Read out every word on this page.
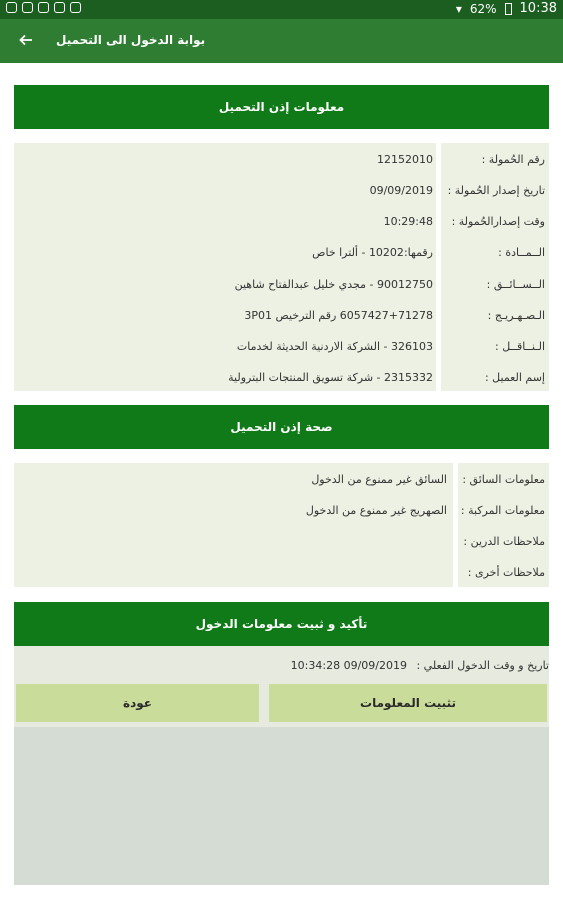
▾ 62% 10:38
بوابة الدخول الى التحميل
معلومات إذن التحميل
رقم الحُمولة :
12152010
تاريخ إصدار الحُمولة :
09/09/2019
وقت إصدارالحُمولة :
10:29:48
الــمــادة :
رقمها:10202 - ألترا خاص
الــســائــق :
90012750 - مجدي خليل عبدالفتاح شاهين
الـصـهـريـج :
6057427+71278 رقم الترخيص 3P01
الـنــاقــل :
326103 - الشركة الاردنية الحديثة لخدمات
إسم العميل :
2315332 - شركة تسويق المنتجات البترولية
صحة إذن التحميل
معلومات السائق :
السائق غير ممنوع من الدخول
معلومات المركبة :
الصهريج غير ممنوع من الدخول
ملاحظات الدرين :
ملاحظات أخرى :
تأكيد و ثبيت معلومات الدخول
تاريخ و وقت الدخول الفعلي : 09/09/2019 10:34:28
تثبيت المعلومات
عودة
